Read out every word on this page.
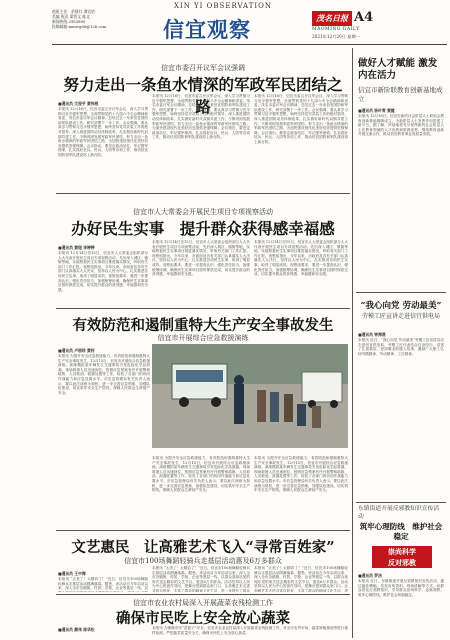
XIN YI OBSERVATION
值班主任：余建红 谭宜怡
美编 倪武 梁智文 陈文
新闻热线:2983890
投稿邮箱:mmwg66@126.com	信宜观察	茂名日报 A4
MAOMING DAILY
2021年12月20日 星期一
信宜市委召开议军会议强调
努力走出一条鱼水情深的军政军民团结之路
■通讯员 文俊平 黄伟根
本报讯 12月16日，信宜市委召开议军会议，深入学习贯彻习近平强军思想，全面贯彻党的十九届六中全会精神和省委、茂名市委议军会议精神，总结过去一年来信宜国防和军队建设工作，研究部署下一步工作。会议强调，要认真学习贯彻习近平强军思想，始终坚持党对武装工作的绝对领导，深入推进国防动员体制改革，扎实做好新时代双拥共建工作，不断巩固发展军政军民团结，努力走出一条鱼水情深的军政军民团结之路，为加快建设现代化美好信宜提供坚强保障。会议指出，要坚定政治站位，牢记强军使命，扎实抓好征兵、民兵、人防等各项工作，推动信宜国防和军队建设再上新台阶。
本报讯 12月16日，信宜市委召开议军会议，深入学习贯彻习近平强军思想，全面贯彻党的十九届六中全会精神和省委、茂名市委议军会议精神，总结过去一年来信宜国防和军队建设工作，研究部署下一步工作。会议强调，要认真学习贯彻习近平强军思想，始终坚持党对武装工作的绝对领导，深入推进国防动员体制改革，扎实做好新时代双拥共建工作，不断巩固发展军政军民团结，努力走出一条鱼水情深的军政军民团结之路，为加快建设现代化美好信宜提供坚强保障。会议指出，要坚定政治站位，牢记强军使命，扎实抓好征兵、民兵、人防等各项工作，推动信宜国防和军队建设再上新台阶。
本报讯 12月16日，信宜市委召开议军会议，深入学习贯彻习近平强军思想，全面贯彻党的十九届六中全会精神和省委、茂名市委议军会议精神，总结过去一年来信宜国防和军队建设工作，研究部署下一步工作。会议强调，要认真学习贯彻习近平强军思想，始终坚持党对武装工作的绝对领导，深入推进国防动员体制改革，扎实做好新时代双拥共建工作，不断巩固发展军政军民团结，努力走出一条鱼水情深的军政军民团结之路，为加快建设现代化美好信宜提供坚强保障。会议指出，要坚定政治站位，牢记强军使命，扎实抓好征兵、民兵、人防等各项工作，推动信宜国防和军队建设再上新台阶。
信宜市人大常委会开展民生项目专项视察活动
办好民生实事　提升群众获得感幸福感
■通讯员 黄煜 李婷婷
本报讯 12月14日至15日，信宜市人大常委会组织部分人大代表开展民生项目专项视察活动，先后深入城区、镇街等地，实地察看民生实事项目推进落实情况，听取有关部门工作汇报。视察组指出，今年以来，市政府及各有关部门认真落实人大决议，坚持以人民为中心，扎实推进各项民生实事，取得了明显成效。视察组要求，要进一步提高认识，强化责任担当，加强统筹协调，确保民生实事项目按时保质完成，切实提升群众的获得感、幸福感和安全感。
本报讯 12月14日至15日，信宜市人大常委会组织部分人大代表开展民生项目专项视察活动，先后深入城区、镇街等地，实地察看民生实事项目推进落实情况，听取有关部门工作汇报。视察组指出，今年以来，市政府及各有关部门认真落实人大决议，坚持以人民为中心，扎实推进各项民生实事，取得了明显成效。视察组要求，要进一步提高认识，强化责任担当，加强统筹协调，确保民生实事项目按时保质完成，切实提升群众的获得感、幸福感和安全感。
本报讯 12月14日至15日，信宜市人大常委会组织部分人大代表开展民生项目专项视察活动，先后深入城区、镇街等地，实地察看民生实事项目推进落实情况，听取有关部门工作汇报。视察组指出，今年以来，市政府及各有关部门认真落实人大决议，坚持以人民为中心，扎实推进各项民生实事，取得了明显成效。视察组要求，要进一步提高认识，强化责任担当，加强统筹协调，确保民生实事项目按时保质完成，切实提升群众的获得感、幸福感和安全感。
有效防范和遏制重特大生产安全事故发生
信宜市开展综合应急救援演练
■通讯员 卢丽珍 黄柯
本报讯 为提升安全应急救援能力，有效防范和遏制重特大生产安全事故发生，12月15日，信宜市开展综合应急救援演练。演练模拟某车辆发生交通事故引发危险化学品泄漏，现场救援人员迅速到位，按照应急预案有序开展警戒疏散、人员救治、泄漏处置等工作，检验了各部门的协同作战能力和应急处置水平。市应急管理局有关负责人表示，要以此次演练为契机，进一步完善应急预案，加强队伍建设，切实筑牢安全生产防线，保障人民群众生命财产安全。
本报讯 为提升安全应急救援能力，有效防范和遏制重特大生产安全事故发生，12月15日，信宜市开展综合应急救援演练。演练模拟某车辆发生交通事故引发危险化学品泄漏，现场救援人员迅速到位，按照应急预案有序开展警戒疏散、人员救治、泄漏处置等工作，检验了各部门的协同作战能力和应急处置水平。市应急管理局有关负责人表示，要以此次演练为契机，进一步完善应急预案，加强队伍建设，切实筑牢安全生产防线，保障人民群众生命财产安全。
本报讯 为提升安全应急救援能力，有效防范和遏制重特大生产安全事故发生，12月15日，信宜市开展综合应急救援演练。演练模拟某车辆发生交通事故引发危险化学品泄漏，现场救援人员迅速到位，按照应急预案有序开展警戒疏散、人员救治、泄漏处置等工作，检验了各部门的协同作战能力和应急处置水平。市应急管理局有关负责人表示，要以此次演练为契机，进一步完善应急预案，加强队伍建设，切实筑牢安全生产防线，保障人民群众生命财产安全。
文艺惠民　让高雅艺术飞入“寻常百姓家”
信宜市100场舞蹈轻骑兵走基层活动惠及6万多群众
■通讯员 王中海
本报讯 “太美了！太精彩了！”近日，信宜市100场舞蹈轻骑兵走基层活动圆满落幕。据悉，该活动自今年启动以来，深入全市各镇街、村居、学校、企业等基层一线，以
本报讯 “太美了！太精彩了！”近日，信宜市100场舞蹈轻骑兵走基层活动圆满落幕。据悉，该活动自今年启动以来，深入全市各镇街、村居、学校、企业等基层一线，以群众喜闻乐见的形式送去精彩的文艺节目，惠及6万多群众。活动坚持以人民为中心的创作导向，把舞台搭到群众家门口，让高雅艺术走进寻常百姓家，丰富了群众的精神文化生活，进一步提升了群众
本报讯 “太美了！太精彩了！”近日，信宜市100场舞蹈轻骑兵走基层活动圆满落幕。据悉，该活动自今年启动以来，深入全市各镇街、村居、学校、企业等基层一线，以群众喜闻乐见的形式送去精彩的文艺节目，惠及6万多群众。活动坚持以人民为中心的创作导向，把舞台搭到群众家门口，让高雅艺术走进寻常百姓家，丰富了群众的精神文化生活，进
信宜市农业农村局深入开展蔬菜农残检测工作
确保市民吃上安全放心蔬菜
■通讯员 颜伟 陈华松	本报讯 为保障市民“菜篮子”安全，信宜市农业农村局深入开展蔬菜农残检测工作，对全市农贸市场、蔬菜种植基地等进行抽样检测，严把蔬菜质量安全关，确保市民吃上安全放心蔬菜。
做好人才赋能 激发内在活力
信宜市新阶联教育创新基地成立
■通讯员 杨叶青 黄健
本报讯 12月16日，信宜市新的社会阶层人士联谊会教育创新基地揭牌成立，为新阶层人士发挥作用搭建了新平台。据了解，该基地将充分发挥新的社会阶层人士在教育领域的人才优势和资源优势，围绕教育创新开展交流合作，推动信宜教育事业高质量发展。
“我心向党 劳动最美”
劳模工匠宣讲走进信宜供电局
■通讯员 钟海燕
本报讯 近日，“我心向党 劳动最美”劳模工匠宣讲活动走进信宜供电局，劳模工匠代表结合自身经历，讲述了扎根基层、爱岗敬业的感人故事，激励广大职工弘扬劳模精神、劳动精神、工匠精神。
东镇街道开展反邪教知识宣传活动
筑牢心理防线　维护社会稳定
崇尚科学
反对邪教
■通讯员 罗洁
本报讯 近日，东镇街道开展反邪教知识宣传活动，通过悬挂横幅、发放宣传资料、现场讲解等方式，向群众普及反邪教知识，引导群众崇尚科学、远离邪教，筑牢心理防线，维护社会和谐稳定。
